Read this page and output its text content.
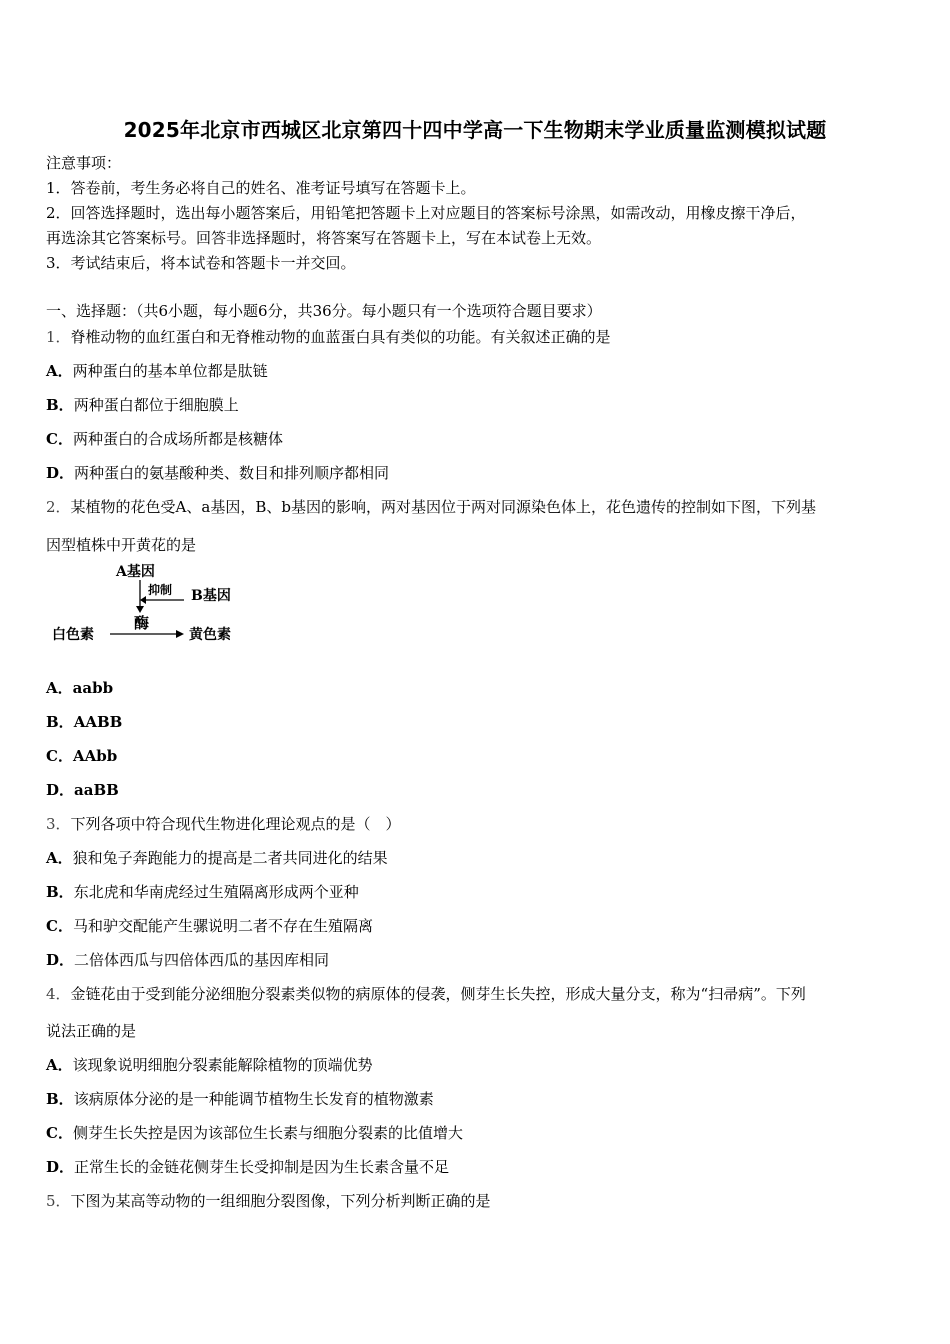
2025年北京市西城区北京第四十四中学高一下生物期末学业质量监测模拟试题
注意事项：
1．答卷前，考生务必将自己的姓名、准考证号填写在答题卡上。
2．回答选择题时，选出每小题答案后，用铅笔把答题卡上对应题目的答案标号涂黑，如需改动，用橡皮擦干净后，
再选涂其它答案标号。回答非选择题时，将答案写在答题卡上，写在本试卷上无效。
3．考试结束后，将本试卷和答题卡一并交回。
一、选择题：（共6小题，每小题6分，共36分。每小题只有一个选项符合题目要求）
1．脊椎动物的血红蛋白和无脊椎动物的血蓝蛋白具有类似的功能。有关叙述正确的是
A．两种蛋白的基本单位都是肽链
B．两种蛋白都位于细胞膜上
C．两种蛋白的合成场所都是核糖体
D．两种蛋白的氨基酸种类、数目和排列顺序都相同
2．某植物的花色受A、a基因，B、b基因的影响，两对基因位于两对同源染色体上，花色遗传的控制如下图，下列基
因型植株中开黄花的是
A基因
抑制 B基因
酶
白色素	黄色素
A．aabb
B．AABB
C．AAbb
D．aaBB
3．下列各项中符合现代生物进化理论观点的是（　）
A．狼和兔子奔跑能力的提高是二者共同进化的结果
B．东北虎和华南虎经过生殖隔离形成两个亚种
C．马和驴交配能产生骡说明二者不存在生殖隔离
D．二倍体西瓜与四倍体西瓜的基因库相同
4．金链花由于受到能分泌细胞分裂素类似物的病原体的侵袭，侧芽生长失控，形成大量分支，称为“扫帚病”。下列
说法正确的是
A．该现象说明细胞分裂素能解除植物的顶端优势
B．该病原体分泌的是一种能调节植物生长发育的植物激素
C．侧芽生长失控是因为该部位生长素与细胞分裂素的比值增大
D．正常生长的金链花侧芽生长受抑制是因为生长素含量不足
5．下图为某高等动物的一组细胞分裂图像，下列分析判断正确的是
